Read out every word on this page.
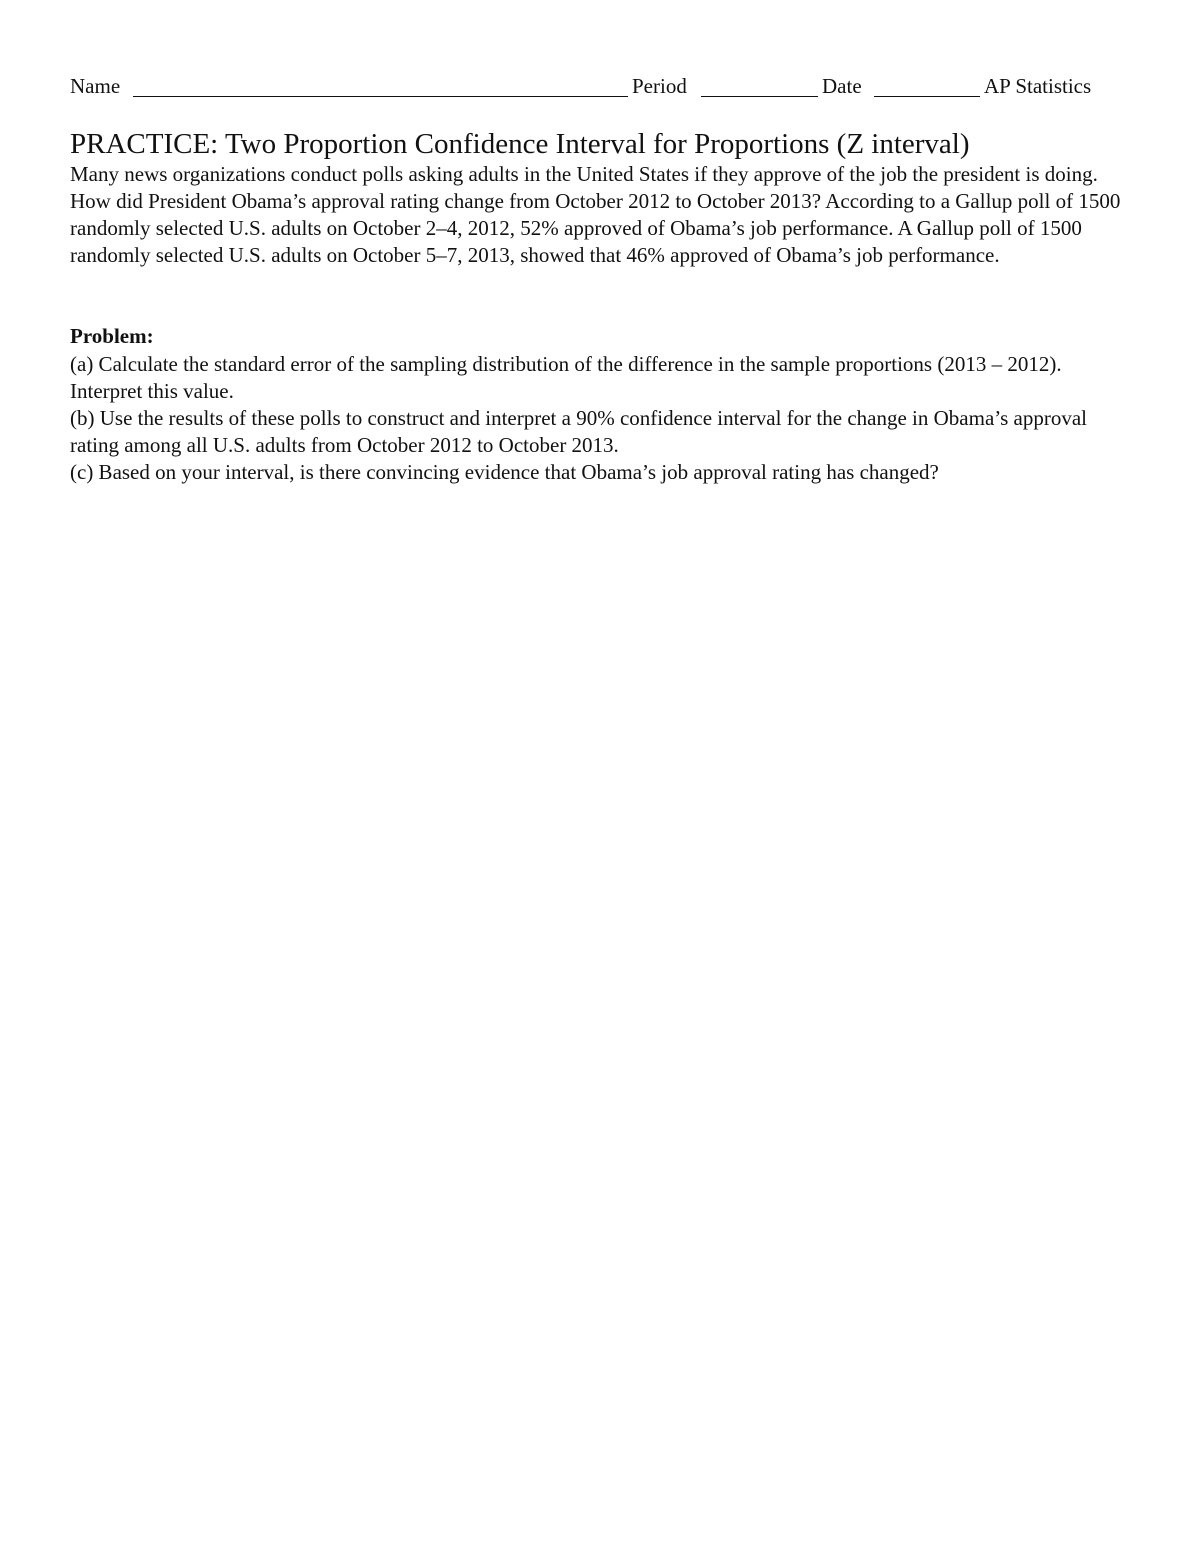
Name	Period	Date	AP Statistics
PRACTICE: Two Proportion Confidence Interval for Proportions (Z interval)

Many news organizations conduct polls asking adults in the United States if they approve of the job the president is doing. How did President Obama’s approval rating change from October 2012 to October 2013? According to a Gallup poll of 1500 randomly selected U.S. adults on October 2–4, 2012, 52% approved of Obama’s job performance. A Gallup poll of 1500 randomly selected U.S. adults on October 5–7, 2013, showed that 46% approved of Obama’s job performance.

Problem:

(a) Calculate the standard error of the sampling distribution of the difference in the sample proportions (2013 – 2012). Interpret this value.
(b) Use the results of these polls to construct and interpret a 90% confidence interval for the change in Obama’s approval rating among all U.S. adults from October 2012 to October 2013.
(c) Based on your interval, is there convincing evidence that Obama’s job approval rating has changed?
